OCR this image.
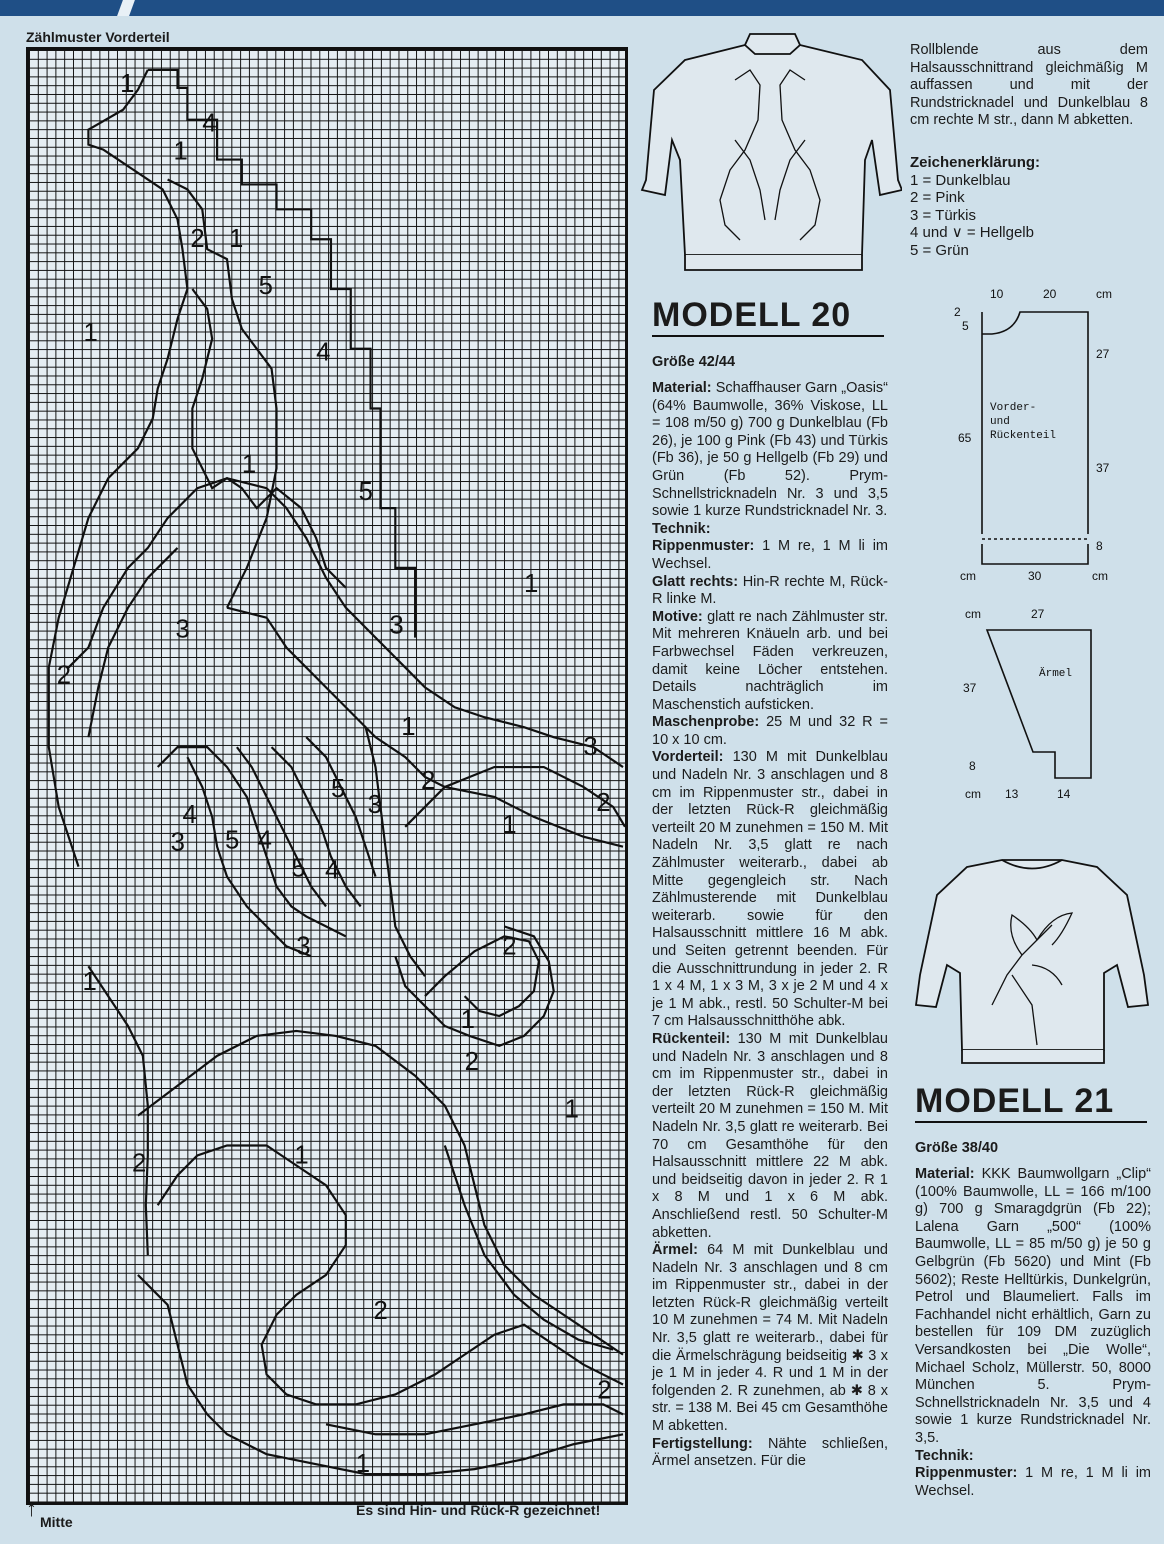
Zählmuster Vorderteil
1
4
1
2 1
5
4
1
1
5
1
3
2
3
1
3
2
1
5
3
4
3 5 4
5 4
2
3
1
2
1
2
1
2	1
2
2
1
↑
Mitte
Es sind Hin- und Rück-R gezeichnet!
Rollblende aus dem Halsausschnittrand gleichmäßig M auffassen und mit der Rundstricknadel und Dunkelblau 8 cm rechte M str., dann M abketten.
Zeichenerklärung:
1 = Dunkelblau
2 = Pink
3 = Türkis
4 und ∨ = Hellgelb
5 = Grün
MODELL 20
Größe 42/44
Material: Schaffhauser Garn „Oasis“ (64% Baumwolle, 36% Viskose, LL = 108 m/50 g) 700 g Dunkelblau (Fb 26), je 100 g Pink (Fb 43) und Türkis (Fb 36), je 50 g Hellgelb (Fb 29) und Grün (Fb 52). Prym-Schnellstricknadeln Nr. 3 und 3,5 sowie 1 kurze Rundstricknadel Nr. 3.
Technik:
Rippenmuster: 1 M re, 1 M li im Wechsel.
Glatt rechts: Hin-R rechte M, Rück-R linke M.
Motive: glatt re nach Zählmuster str. Mit mehreren Knäueln arb. und bei Farbwechsel Fäden verkreuzen, damit keine Löcher entstehen. Details nachträglich im Maschenstich aufsticken.
Maschenprobe: 25 M und 32 R = 10 x 10 cm.
Vorderteil: 130 M mit Dunkelblau und Nadeln Nr. 3 anschlagen und 8 cm im Rippenmuster str., dabei in der letzten Rück-R gleichmäßig verteilt 20 M zunehmen = 150 M. Mit Nadeln Nr. 3,5 glatt re nach Zählmuster weiterarb., dabei ab Mitte gegengleich str. Nach Zählmusterende mit Dunkelblau weiterarb. sowie für den Halsausschnitt mittlere 16 M abk. und Seiten getrennt beenden. Für die Ausschnittrundung in jeder 2. R 1 x 4 M, 1 x 3 M, 3 x je 2 M und 4 x je 1 M abk., restl. 50 Schulter-M bei 7 cm Halsausschnitthöhe abk.
Rückenteil: 130 M mit Dunkelblau und Nadeln Nr. 3 anschlagen und 8 cm im Rippenmuster str., dabei in der letzten Rück-R gleichmäßig verteilt 20 M zunehmen = 150 M. Mit Nadeln Nr. 3,5 glatt re weiterarb. Bei 70 cm Gesamthöhe für den Halsausschnitt mittlere 22 M abk. und beidseitig davon in jeder 2. R 1 x 8 M und 1 x 6 M abk. Anschließend restl. 50 Schulter-M abketten.
Ärmel: 64 M mit Dunkelblau und Nadeln Nr. 3 anschlagen und 8 cm im Rippenmuster str., dabei in der letzten Rück-R gleichmäßig verteilt 10 M zunehmen = 74 M. Mit Nadeln Nr. 3,5 glatt re weiterarb., dabei für die Ärmelschrägung beidseitig ✱ 3 x je 1 M in jeder 4. R und 1 M in der folgenden 2. R zunehmen, ab ✱ 8 x str. = 138 M. Bei 45 cm Gesamthöhe M abketten.
Fertigstellung: Nähte schließen, Ärmel ansetzen. Für die
10	20	cm
2
5
27
65
37
8
cm	30	cm
Vorder-
und
Rückenteil
cm	27
37
8
cm 13	14
Ärmel
MODELL 21
Größe 38/40
Material: KKK Baumwollgarn „Clip“ (100% Baumwolle, LL = 166 m/100 g) 700 g Smaragdgrün (Fb 22); Lalena Garn „500“ (100% Baumwolle, LL = 85 m/50 g) je 50 g Gelbgrün (Fb 5620) und Mint (Fb 5602); Reste Helltürkis, Dunkelgrün, Petrol und Blaumeliert. Falls im Fachhandel nicht erhältlich, Garn zu bestellen für 109 DM zuzüglich Versandkosten bei „Die Wolle“, Michael Scholz, Müllerstr. 50, 8000 München 5. Prym-Schnellstricknadeln Nr. 3,5 und 4 sowie 1 kurze Rundstricknadel Nr. 3,5.
Technik:
Rippenmuster: 1 M re, 1 M li im Wechsel.
